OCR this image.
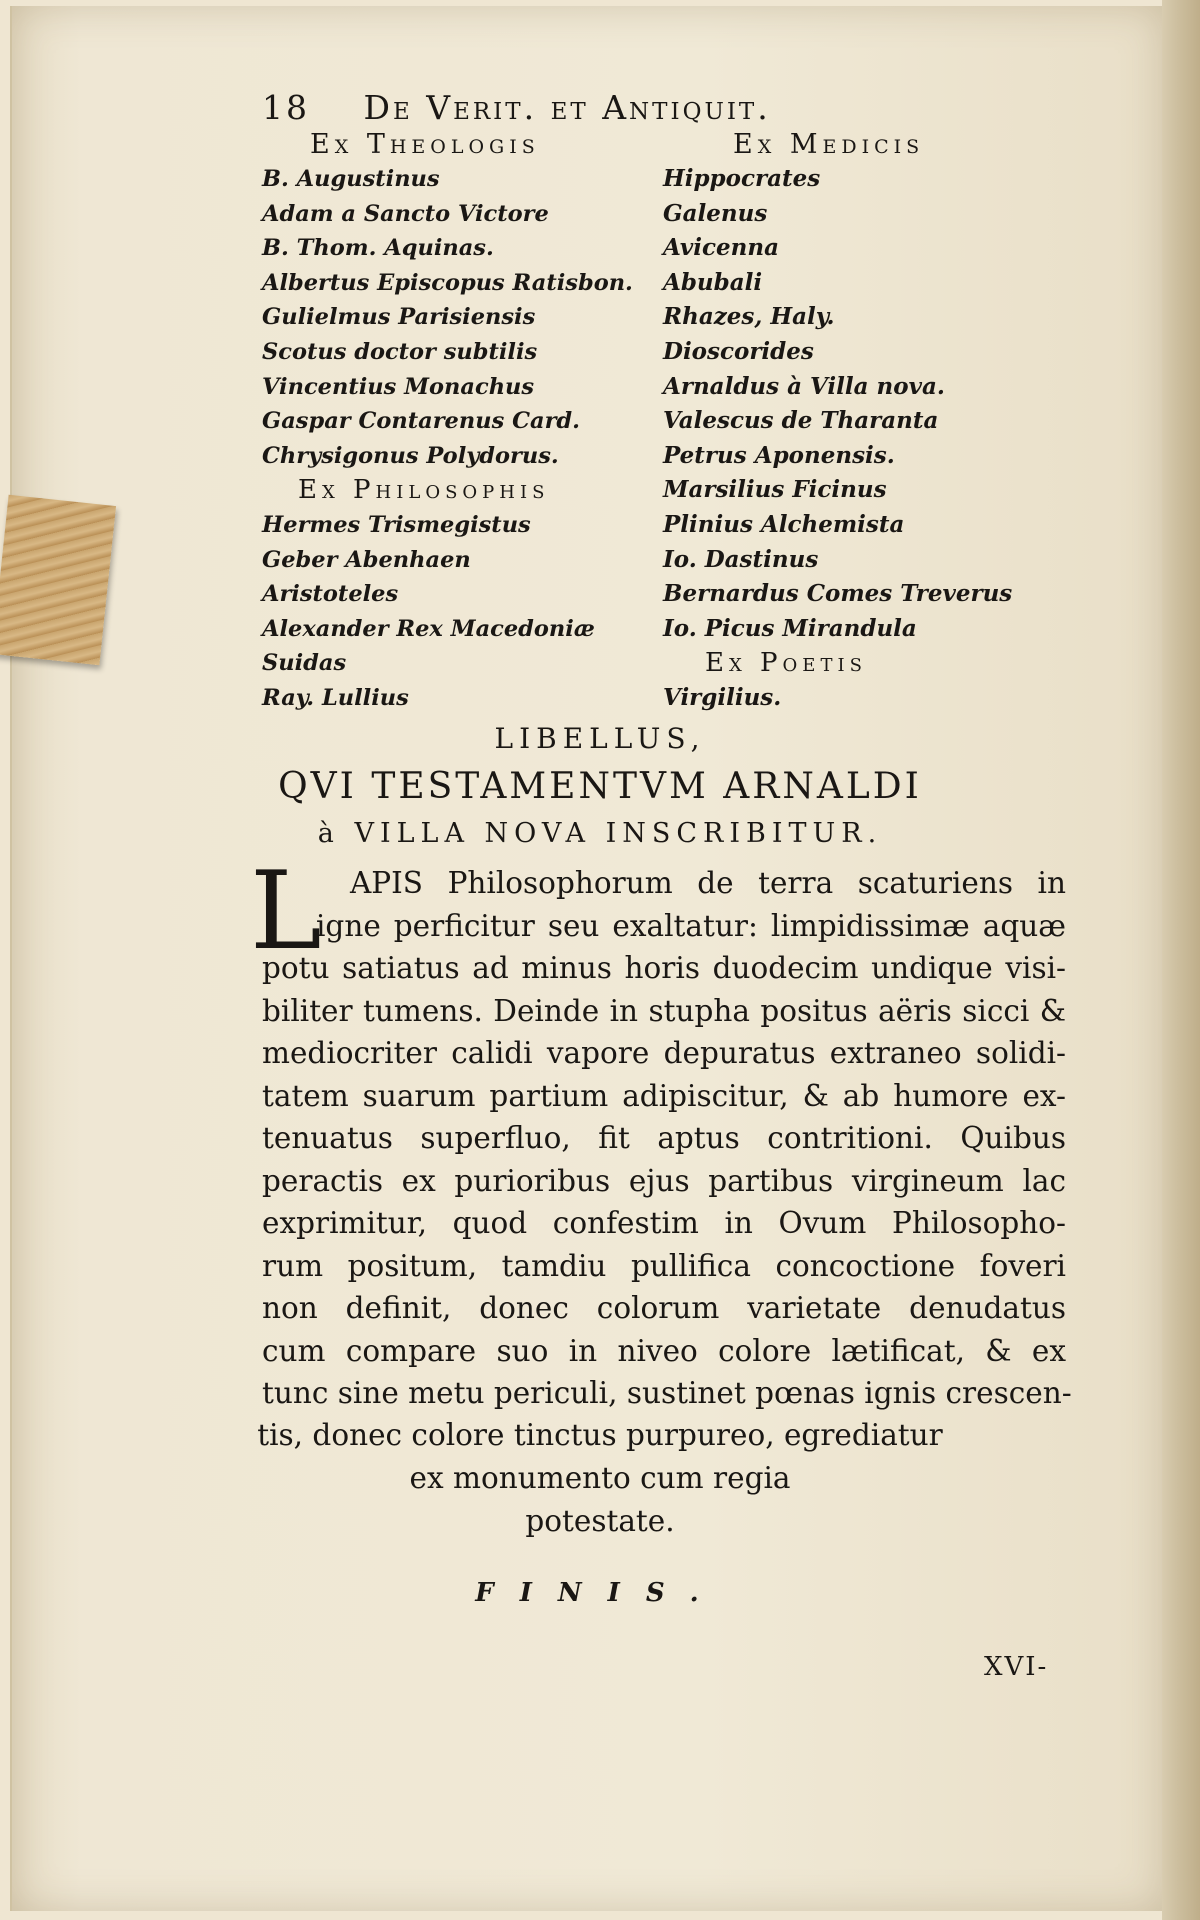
18 De Verit. et Antiquit.
Ex Theologis
B. Augustinus
Adam a Sancto Victore
B. Thom. Aquinas.
Albertus Episcopus Ratisbon.
Gulielmus Parisiensis
Scotus doctor subtilis
Vincentius Monachus
Gaspar Contarenus Card.
Chrysigonus Polydorus.
Ex Philosophis
Hermes Trismegistus
Geber Abenhaen
Aristoteles
Alexander Rex Macedoniæ
Suidas
Ray. Lullius
Ex Medicis
Hippocrates
Galenus
Avicenna
Abubali
Rhazes, Haly.
Dioscorides
Arnaldus à Villa nova.
Valescus de Tharanta
Petrus Aponensis.
Marsilius Ficinus
Plinius Alchemista
Io. Dastinus
Bernardus Comes Treverus
Io. Picus Mirandula
Ex Poetis
Virgilius.
LIBELLUS,
QVI TESTAMENTVM ARNALDI
à VILLA NOVA INSCRIBITUR.
L APIS Philosophorum de terra scaturiens in
igne perficitur seu exaltatur: limpidissimæ aquæ
potu satiatus ad minus horis duodecim undique visi-
biliter tumens. Deinde in stupha positus aëris sicci &
mediocriter calidi vapore depuratus extraneo solidi-
tatem suarum partium adipiscitur, & ab humore ex-
tenuatus superfluo, fit aptus contritioni. Quibus
peractis ex purioribus ejus partibus virgineum lac
exprimitur, quod confestim in Ovum Philosopho-
rum positum, tamdiu pullifica concoctione foveri
non definit, donec colorum varietate denudatus
cum compare suo in niveo colore lætificat, & ex
tunc sine metu periculi, sustinet pœnas ignis crescen-
tis, donec colore tinctus purpureo, egrediatur
ex monumento cum regia
potestate.
FINIS.
XVI-
